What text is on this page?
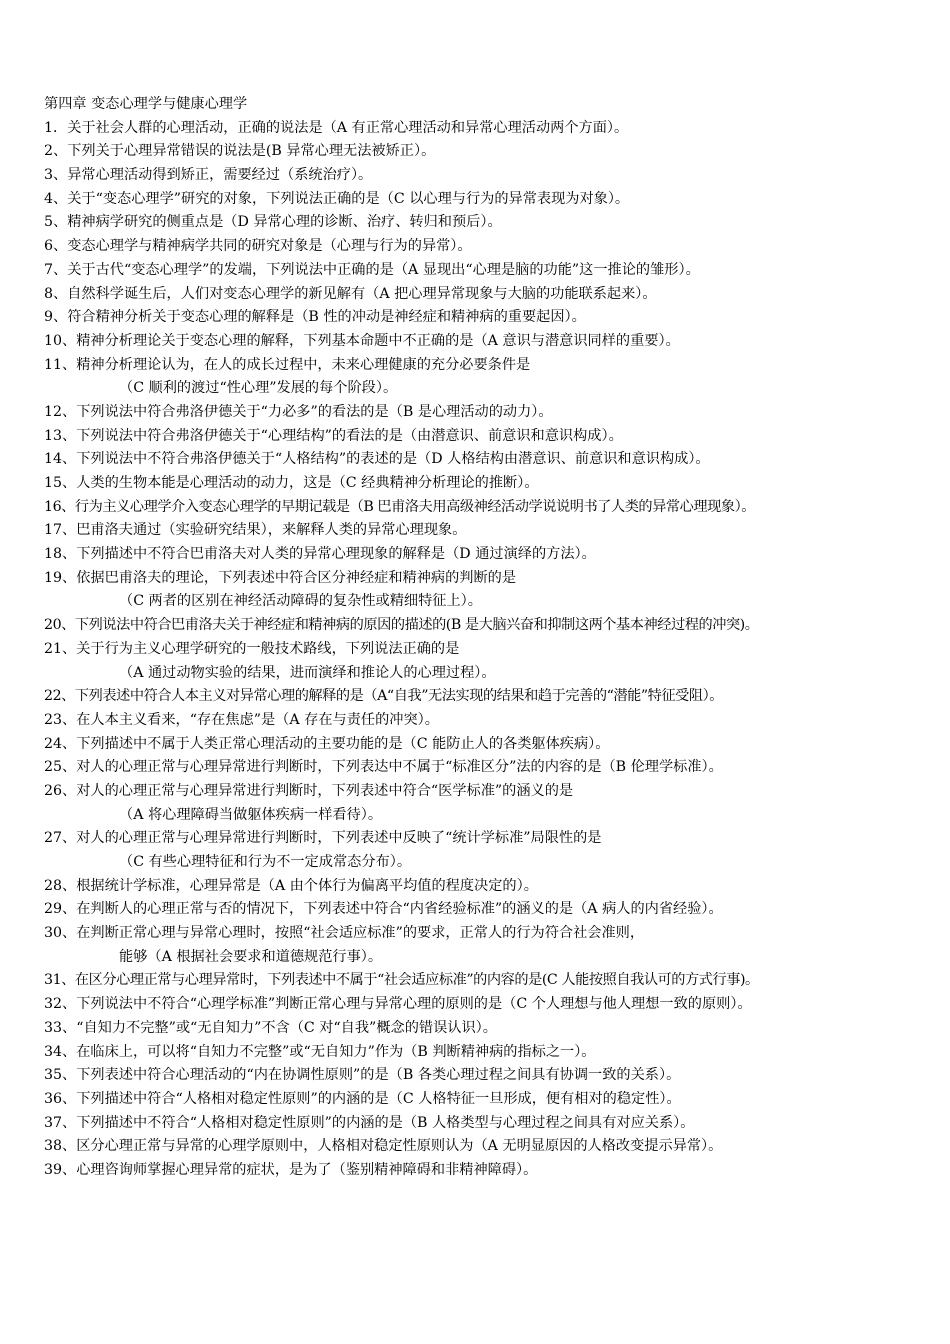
第四章 变态心理学与健康心理学
1．关于社会人群的心理活动，正确的说法是（A 有正常心理活动和异常心理活动两个方面）。
2、下列关于心理异常错误的说法是(B 异常心理无法被矫正）。
3、异常心理活动得到矫正，需要经过（系统治疗）。
4、关于“变态心理学”研究的对象，下列说法正确的是（C 以心理与行为的异常表现为对象）。
5、精神病学研究的侧重点是（D 异常心理的诊断、治疗、转归和预后）。
6、变态心理学与精神病学共同的研究对象是（心理与行为的异常）。
7、关于古代“变态心理学”的发端，下列说法中正确的是（A 显现出“心理是脑的功能”这一推论的雏形）。
8、自然科学诞生后，人们对变态心理学的新见解有（A 把心理异常现象与大脑的功能联系起来）。
9、符合精神分析关于变态心理的解释是（B 性的冲动是神经症和精神病的重要起因）。
10、精神分析理论关于变态心理的解释，下列基本命题中不正确的是（A 意识与潜意识同样的重要）。
11、精神分析理论认为，在人的成长过程中，未来心理健康的充分必要条件是
（C 顺利的渡过“性心理”发展的每个阶段）。
12、下列说法中符合弗洛伊德关于“力必多”的看法的是（B 是心理活动的动力）。
13、下列说法中符合弗洛伊德关于“心理结构”的看法的是（由潜意识、前意识和意识构成）。
14、下列说法中不符合弗洛伊德关于“人格结构”的表述的是（D 人格结构由潜意识、前意识和意识构成）。
15、人类的生物本能是心理活动的动力，这是（C 经典精神分析理论的推断）。
16、行为主义心理学介入变态心理学的早期记载是（B 巴甫洛夫用高级神经活动学说说明书了人类的异常心理现象）。
17、巴甫洛夫通过（实验研究结果），来解释人类的异常心理现象。
18、下列描述中不符合巴甫洛夫对人类的异常心理现象的解释是（D 通过演绎的方法）。
19、依据巴甫洛夫的理论，下列表述中符合区分神经症和精神病的判断的是
（C 两者的区别在神经活动障碍的复杂性或精细特征上）。
20、下列说法中符合巴甫洛夫关于神经症和精神病的原因的描述的(B 是大脑兴奋和抑制这两个基本神经过程的冲突)。
21、关于行为主义心理学研究的一般技术路线，下列说法正确的是
（A 通过动物实验的结果，进而演绎和推论人的心理过程）。
22、下列表述中符合人本主义对异常心理的解释的是（A“自我”无法实现的结果和趋于完善的“潜能”特征受阻）。
23、在人本主义看来，“存在焦虑”是（A 存在与责任的冲突）。
24、下列描述中不属于人类正常心理活动的主要功能的是（C 能防止人的各类躯体疾病）。
25、对人的心理正常与心理异常进行判断时，下列表达中不属于“标准区分”法的内容的是（B 伦理学标准）。
26、对人的心理正常与心理异常进行判断时，下列表述中符合“医学标准”的涵义的是
（A 将心理障碍当做躯体疾病一样看待）。
27、对人的心理正常与心理异常进行判断时，下列表述中反映了“统计学标准”局限性的是
（C 有些心理特征和行为不一定成常态分布）。
28、根据统计学标准，心理异常是（A 由个体行为偏离平均值的程度决定的）。
29、在判断人的心理正常与否的情况下，下列表述中符合“内省经验标准”的涵义的是（A 病人的内省经验）。
30、在判断正常心理与异常心理时，按照“社会适应标准”的要求，正常人的行为符合社会准则，
能够（A 根据社会要求和道德规范行事）。
31、在区分心理正常与心理异常时，下列表述中不属于“社会适应标准”的内容的是(C 人能按照自我认可的方式行事)。
32、下列说法中不符合“心理学标准”判断正常心理与异常心理的原则的是（C 个人理想与他人理想一致的原则）。
33、“自知力不完整”或“无自知力”不含（C 对“自我”概念的错误认识）。
34、在临床上，可以将“自知力不完整”或“无自知力”作为（B 判断精神病的指标之一）。
35、下列表述中符合心理活动的“内在协调性原则”的是（B 各类心理过程之间具有协调一致的关系）。
36、下列描述中符合“人格相对稳定性原则”的内涵的是（C 人格特征一旦形成，便有相对的稳定性）。
37、下列描述中不符合“人格相对稳定性原则”的内涵的是（B 人格类型与心理过程之间具有对应关系）。
38、区分心理正常与异常的心理学原则中，人格相对稳定性原则认为（A 无明显原因的人格改变提示异常）。
39、心理咨询师掌握心理异常的症状，是为了（鉴别精神障碍和非精神障碍）。
